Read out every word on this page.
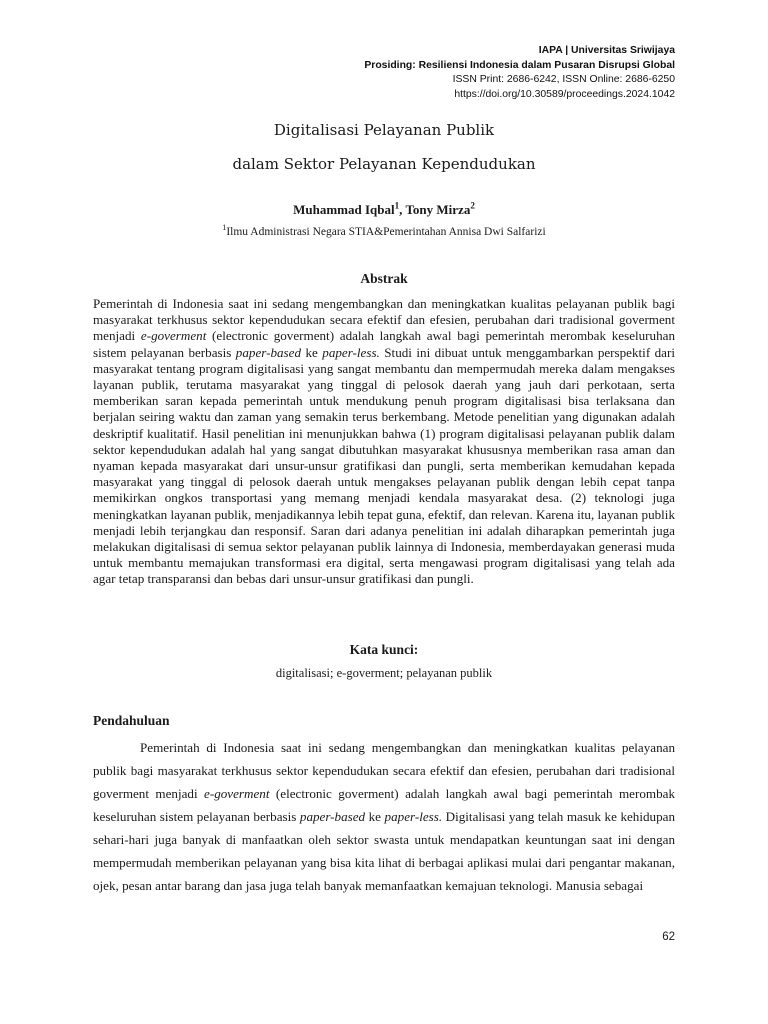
IAPA | Universitas Sriwijaya
Prosiding: Resiliensi Indonesia dalam Pusaran Disrupsi Global
ISSN Print: 2686-6242, ISSN Online: 2686-6250
https://doi.org/10.30589/proceedings.2024.1042
Digitalisasi Pelayanan Publik
dalam Sektor Pelayanan Kependudukan
Muhammad Iqbal$^1$, Tony Mirza$^2$
$^1$Ilmu Administrasi Negara STIA&Pemerintahan Annisa Dwi Salfarizi
Abstrak
Pemerintah di Indonesia saat ini sedang mengembangkan dan meningkatkan kualitas pelayanan publik bagi masyarakat terkhusus sektor kependudukan secara efektif dan efesien, perubahan dari tradisional goverment menjadi e-goverment (electronic goverment) adalah langkah awal bagi pemerintah merombak keseluruhan sistem pelayanan berbasis paper-based ke paper-less. Studi ini dibuat untuk menggambarkan perspektif dari masyarakat tentang program digitalisasi yang sangat membantu dan mempermudah mereka dalam mengakses layanan publik, terutama masyarakat yang tinggal di pelosok daerah yang jauh dari perkotaan, serta memberikan saran kepada pemerintah untuk mendukung penuh program digitalisasi bisa terlaksana dan berjalan seiring waktu dan zaman yang semakin terus berkembang. Metode penelitian yang digunakan adalah deskriptif kualitatif. Hasil penelitian ini menunjukkan bahwa (1) program digitalisasi pelayanan publik dalam sektor kependudukan adalah hal yang sangat dibutuhkan masyarakat khususnya memberikan rasa aman dan nyaman kepada masyarakat dari unsur-unsur gratifikasi dan pungli, serta memberikan kemudahan kepada masyarakat yang tinggal di pelosok daerah untuk mengakses pelayanan publik dengan lebih cepat tanpa memikirkan ongkos transportasi yang memang menjadi kendala masyarakat desa. (2) teknologi juga meningkatkan layanan publik, menjadikannya lebih tepat guna, efektif, dan relevan. Karena itu, layanan publik menjadi lebih terjangkau dan responsif. Saran dari adanya penelitian ini adalah diharapkan pemerintah juga melakukan digitalisasi di semua sektor pelayanan publik lainnya di Indonesia, memberdayakan generasi muda untuk membantu memajukan transformasi era digital, serta mengawasi program digitalisasi yang telah ada agar tetap transparansi dan bebas dari unsur-unsur gratifikasi dan pungli.
Kata kunci:
digitalisasi; e-goverment; pelayanan publik
Pendahuluan
Pemerintah di Indonesia saat ini sedang mengembangkan dan meningkatkan kualitas pelayanan publik bagi masyarakat terkhusus sektor kependudukan secara efektif dan efesien, perubahan dari tradisional goverment menjadi e-goverment (electronic goverment) adalah langkah awal bagi pemerintah merombak keseluruhan sistem pelayanan berbasis paper-based ke paper-less. Digitalisasi yang telah masuk ke kehidupan sehari-hari juga banyak di manfaatkan oleh sektor swasta untuk mendapatkan keuntungan saat ini dengan mempermudah memberikan pelayanan yang bisa kita lihat di berbagai aplikasi mulai dari pengantar makanan, ojek, pesan antar barang dan jasa juga telah banyak memanfaatkan kemajuan teknologi. Manusia sebagai
62
